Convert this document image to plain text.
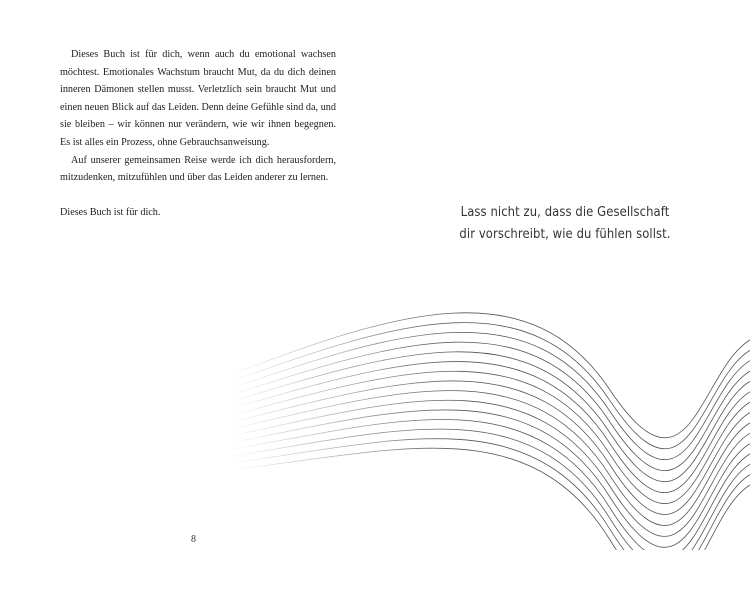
Dieses Buch ist für dich, wenn auch du emotional wachsen möchtest. Emotionales Wachstum braucht Mut, da du dich deinen inneren Dämonen stellen musst. Verletzlich sein braucht Mut und einen neuen Blick auf das Leiden. Denn deine Gefühle sind da, und sie bleiben – wir können nur verändern, wie wir ihnen begegnen. Es ist alles ein Prozess, ohne Gebrauchsanweisung.

Auf unserer gemeinsamen Reise werde ich dich herausfordern, mitzudenken, mitzufühlen und über das Leiden anderer zu lernen.

Dieses Buch ist für dich.

8
Lass nicht zu, dass die Gesellschaft
dir vorschreibt, wie du fühlen sollst.
